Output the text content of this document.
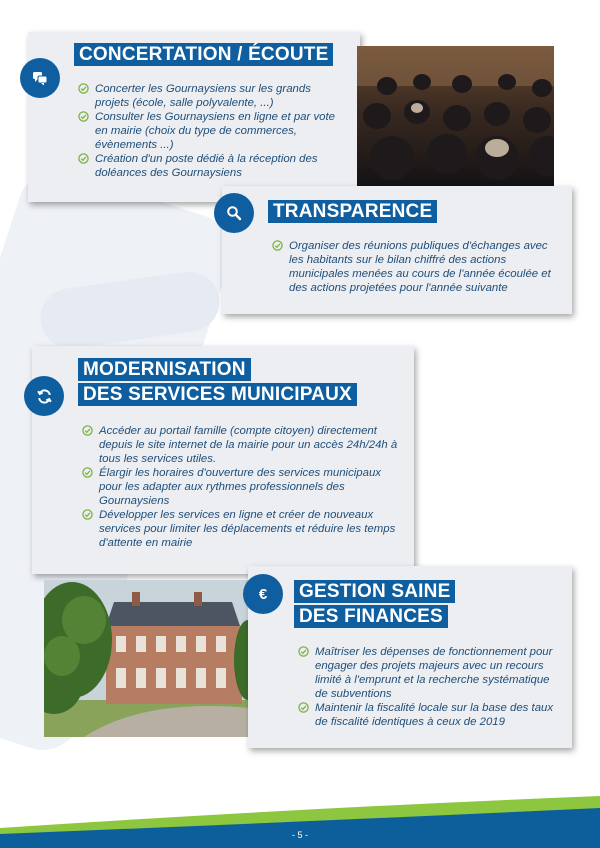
CONCERTATION / ÉCOUTE
Concerter les Gournaysiens sur les grands projets (école, salle polyvalente, ...)
Consulter les Gournaysiens en ligne et par vote en mairie (choix du type de commerces, évènements ...)
Création d'un poste dédié à la réception des doléances des Gournaysiens
TRANSPARENCE
Organiser des réunions publiques d'échanges avec les habitants sur le bilan chiffré des actions municipales menées au cours de l'année écoulée et des actions projetées pour l'année suivante
MODERNISATION
DES SERVICES MUNICIPAUX
Accéder au portail famille (compte citoyen) directement depuis le site internet de la mairie pour un accès 24h/24h à tous les services utiles.
Élargir les horaires d'ouverture des services municipaux pour les adapter aux rythmes professionnels des Gournaysiens
Développer les services en ligne et créer de nouveaux services pour limiter les déplacements et réduire les temps d'attente en mairie
€	GESTION SAINE
DES FINANCES
Maîtriser les dépenses de fonctionnement pour engager des projets majeurs avec un recours limité à l'emprunt et la recherche systématique de subventions
Maintenir la fiscalité locale sur la base des taux de fiscalité identiques à ceux de 2019
- 5 -
